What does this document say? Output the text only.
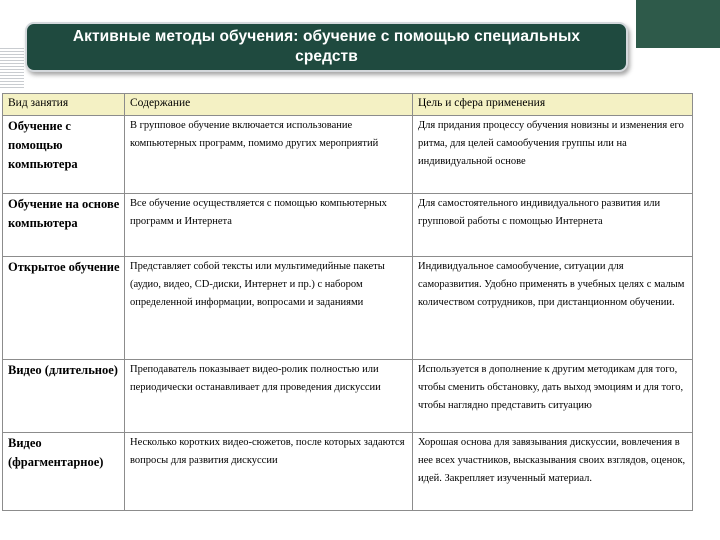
Активные методы обучения: обучение с помощью специальных
средств
Вид занятия	Содержание	Цель и сфера применения
Обучение с помощью компьютера	В групповое обучение включается использование компьютерных программ, помимо других мероприятий	Для придания процессу обучения новизны и изменения его ритма, для целей самообучения группы или на индивидуальной основе
Обучение на основе компьютера	Все обучение осуществляется с помощью компьютерных программ и Интернета	Для самостоятельного индивидуального развития или групповой работы с помощью Интернета
Открытое обучение	Представляет собой тексты или мультимедийные пакеты (аудио, видео, CD-диски, Интернет и пр.) с набором определенной информации, вопросами и заданиями	Индивидуальное самообучение, ситуации для саморазвития. Удобно применять в учебных целях с малым количеством сотрудников, при дистанционном обучении.
Видео (длительное)	Преподаватель показывает видео-ролик полностью или периодически останавливает для проведения дискуссии	Используется в дополнение к другим методикам для того, чтобы сменить обстановку, дать выход эмоциям и для того, чтобы наглядно представить ситуацию
Видео (фрагментарное)	Несколько коротких видео-сюжетов, после которых задаются вопросы для развития дискуссии	Хорошая основа для завязывания дискуссии, вовлечения в нее всех участников, высказывания своих взглядов, оценок, идей. Закрепляет изученный материал.
